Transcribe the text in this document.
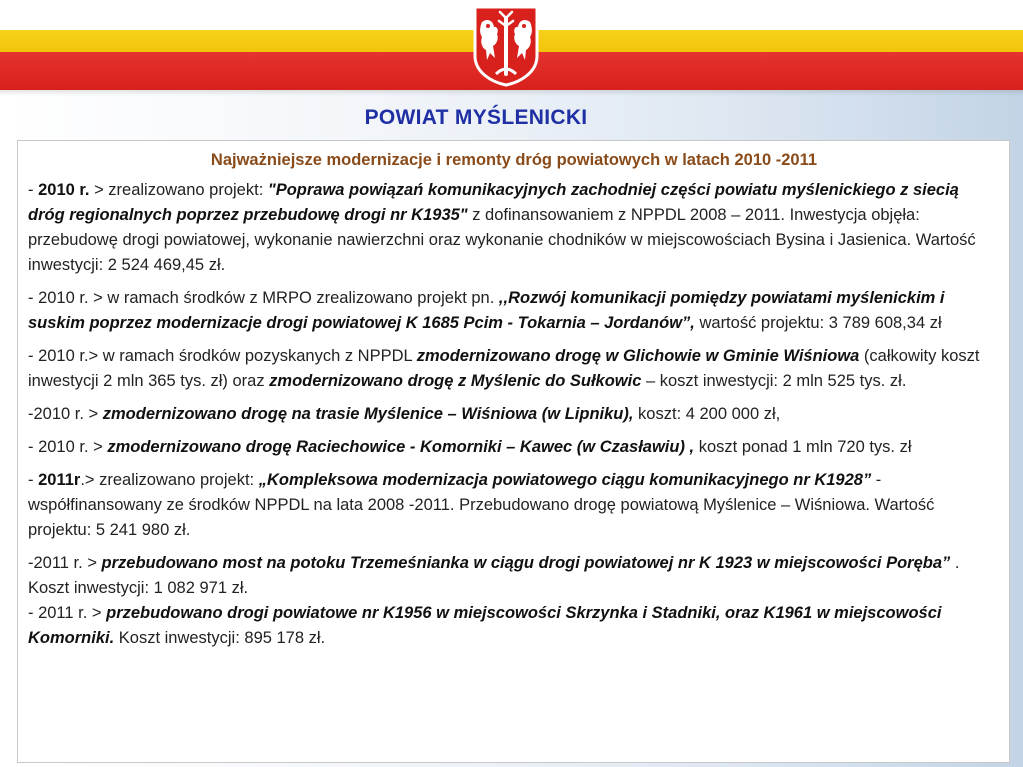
POWIAT MYŚLENICKI
Najważniejsze modernizacje i remonty dróg powiatowych w latach 2010 -2011

- 2010 r. > zrealizowano projekt: "Poprawa powiązań komunikacyjnych zachodniej części powiatu myślenickiego z siecią dróg regionalnych poprzez przebudowę drogi nr K1935" z dofinansowaniem z NPPDL 2008 – 2011. Inwestycja objęła: przebudowę drogi powiatowej, wykonanie nawierzchni oraz wykonanie chodników w miejscowościach Bysina i Jasienica. Wartość inwestycji: 2 524 469,45 zł.

- 2010 r. > w ramach środków z MRPO zrealizowano projekt pn. ,,Rozwój komunikacji pomiędzy powiatami myślenickim i suskim poprzez modernizacje drogi powiatowej K 1685 Pcim - Tokarnia – Jordanów”, wartość projektu: 3 789 608,34 zł

- 2010 r.> w ramach środków pozyskanych z NPPDL zmodernizowano drogę w Glichowie w Gminie Wiśniowa (całkowity koszt inwestycji 2 mln 365 tys. zł) oraz zmodernizowano drogę z Myślenic do Sułkowic – koszt inwestycji: 2 mln 525 tys. zł.

-2010 r. > zmodernizowano drogę na trasie Myślenice – Wiśniowa (w Lipniku), koszt: 4 200 000 zł,

- 2010 r. > zmodernizowano drogę Raciechowice - Komorniki – Kawec (w Czasławiu) , koszt ponad 1 mln 720 tys. zł

- 2011r.> zrealizowano projekt: „Kompleksowa modernizacja powiatowego ciągu komunikacyjnego nr K1928” - współfinansowany ze środków NPPDL na lata 2008 -2011. Przebudowano drogę powiatową Myślenice – Wiśniowa. Wartość projektu: 5 241 980 zł.

-2011 r. > przebudowano most na potoku Trzemeśnianka w ciągu drogi powiatowej nr K 1923 w miejscowości Poręba” . Koszt inwestycji: 1 082 971 zł.

- 2011 r. > przebudowano drogi powiatowe nr K1956 w miejscowości Skrzynka i Stadniki, oraz K1961 w miejscowości Komorniki. Koszt inwestycji: 895 178 zł.
